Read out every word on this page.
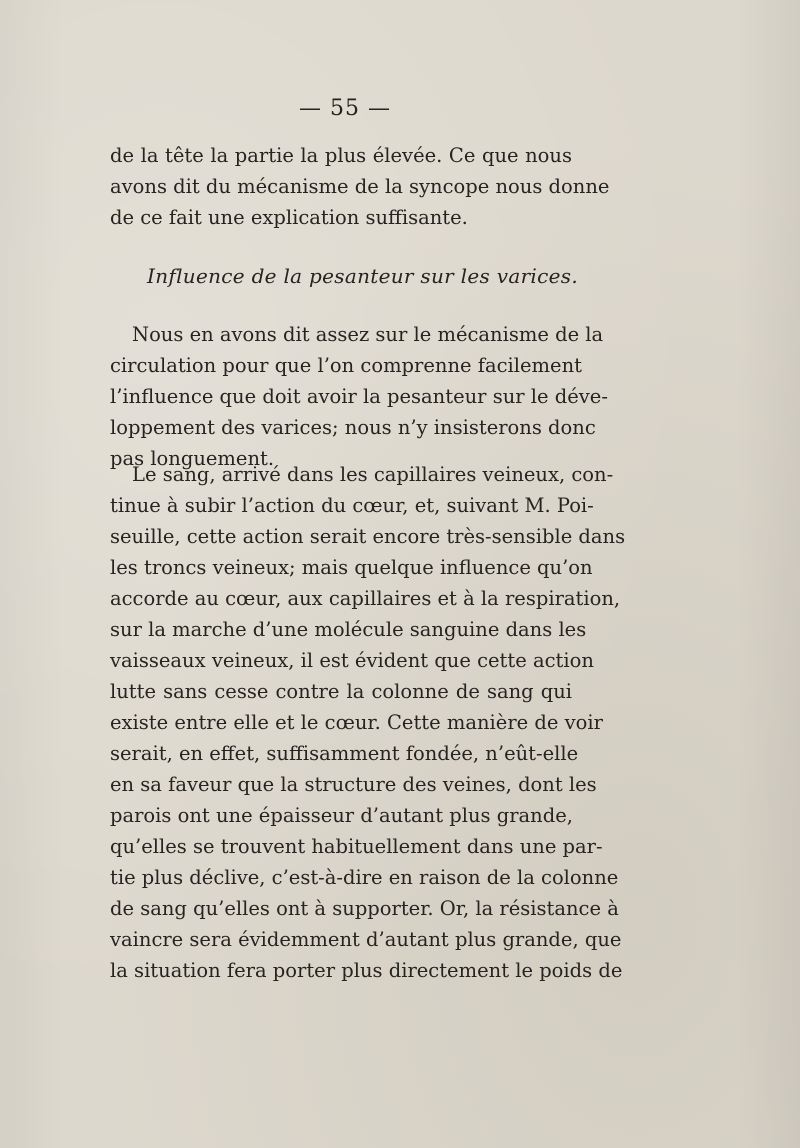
— 55 —
de la tête la partie la plus élevée. Ce que nous
avons dit du mécanisme de la syncope nous donne
de ce fait une explication suffisante.
Influence de la pesanteur sur les varices.
Nous en avons dit assez sur le mécanisme de la
circulation pour que l’on comprenne facilement
l’influence que doit avoir la pesanteur sur le déve-
loppement des varices; nous n’y insisterons donc
pas longuement.
Le sang, arrivé dans les capillaires veineux, con-
tinue à subir l’action du cœur, et, suivant M. Poi-
seuille, cette action serait encore très-sensible dans
les troncs veineux; mais quelque influence qu’on
accorde au cœur, aux capillaires et à la respiration,
sur la marche d’une molécule sanguine dans les
vaisseaux veineux, il est évident que cette action
lutte sans cesse contre la colonne de sang qui
existe entre elle et le cœur. Cette manière de voir
serait, en effet, suffisamment fondée, n’eût-elle
en sa faveur que la structure des veines, dont les
parois ont une épaisseur d’autant plus grande,
qu’elles se trouvent habituellement dans une par-
tie plus déclive, c’est-à-dire en raison de la colonne
de sang qu’elles ont à supporter. Or, la résistance à
vaincre sera évidemment d’autant plus grande, que
la situation fera porter plus directement le poids de
